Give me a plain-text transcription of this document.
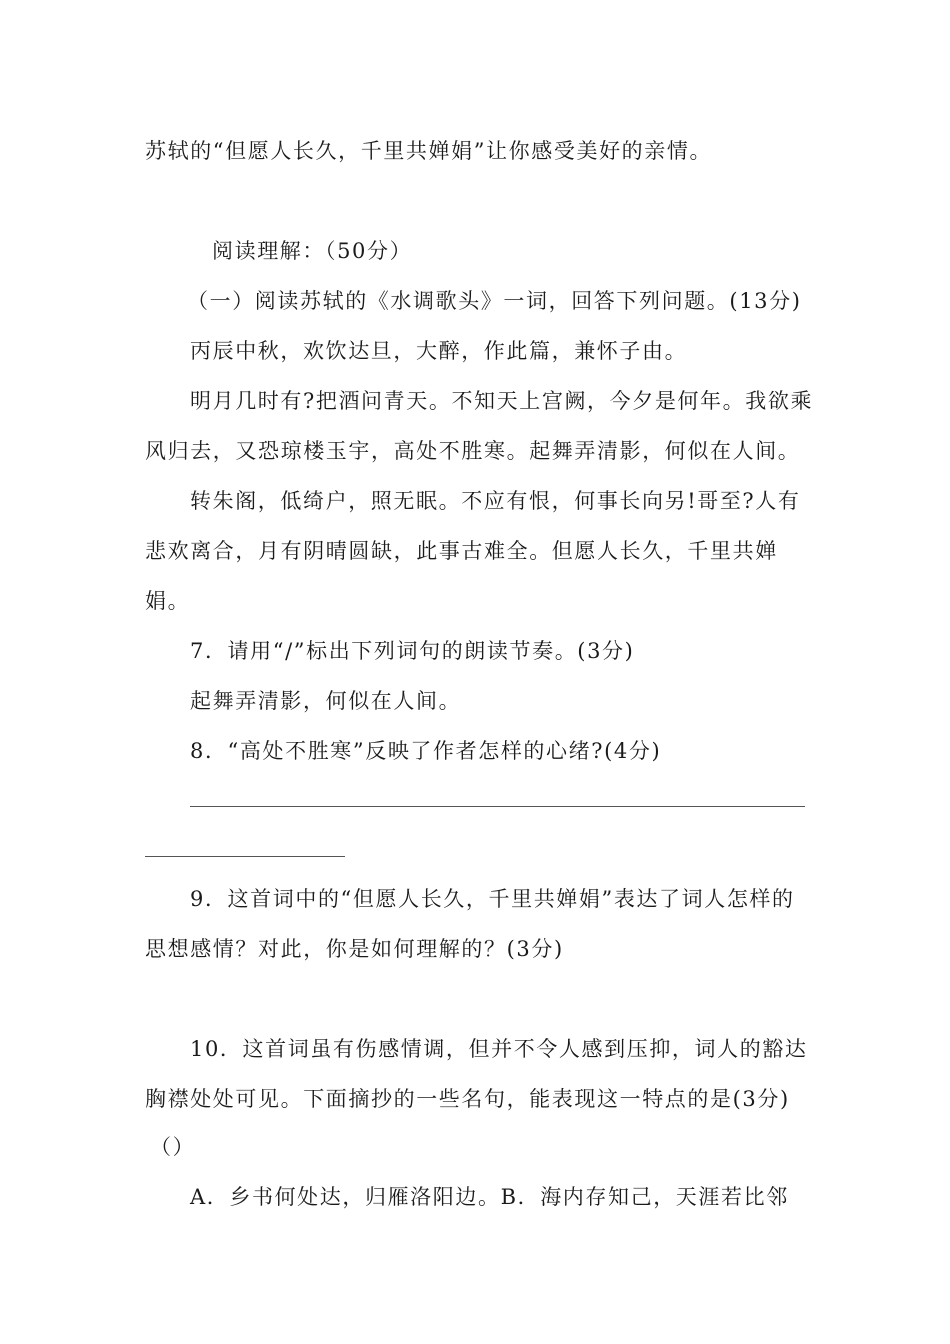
苏轼的“但愿人长久，千里共婵娟”让你感受美好的亲情。
阅读理解：（50分）
（一）阅读苏轼的《水调歌头》一词，回答下列问题。(13分)
丙辰中秋，欢饮达旦，大醉，作此篇，兼怀子由。
明月几时有?把酒问青天。不知天上宫阙，今夕是何年。我欲乘
风归去，又恐琼楼玉宇，高处不胜寒。起舞弄清影，何似在人间。
转朱阁，低绮户，照无眠。不应有恨，何事长向另!哥至?人有
悲欢离合，月有阴晴圆缺，此事古难全。但愿人长久，千里共婵
娟。
7．请用“/”标出下列词句的朗读节奏。(3分)
起舞弄清影，何似在人间。
8．“高处不胜寒”反映了作者怎样的心绪?(4分)
9．这首词中的“但愿人长久，千里共婵娟”表达了词人怎样的
思想感情？对此，你是如何理解的？(3分)
10．这首词虽有伤感情调，但并不令人感到压抑，词人的豁达
胸襟处处可见。下面摘抄的一些名句，能表现这一特点的是(3分)
（）
A．乡书何处达，归雁洛阳边。B．海内存知己，天涯若比邻
